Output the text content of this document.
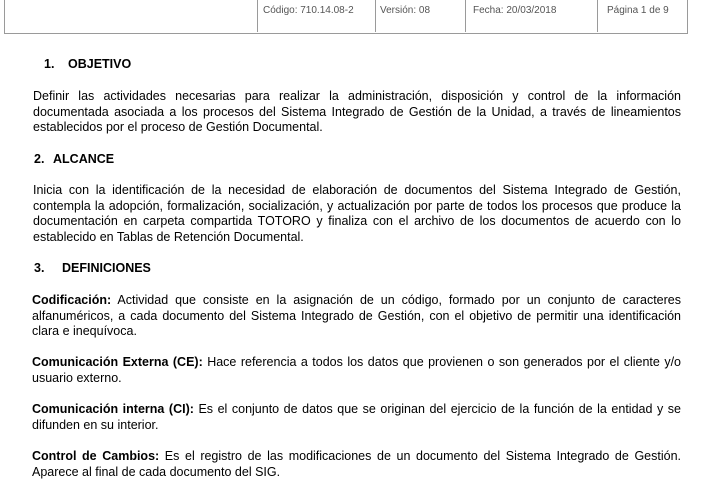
Código: 710.14.08-2	Versión: 08	Fecha: 20/03/2018	Página 1 de 9
1. OBJETIVO
Definir las actividades necesarias para realizar la administración, disposición y control de la información documentada asociada a los procesos del Sistema Integrado de Gestión de la Unidad, a través de lineamientos establecidos por el proceso de Gestión Documental.
2. ALCANCE
Inicia con la identificación de la necesidad de elaboración de documentos del Sistema Integrado de Gestión, contempla la adopción, formalización, socialización, y actualización por parte de todos los procesos que produce la documentación en carpeta compartida TOTORO y finaliza con el archivo de los documentos de acuerdo con lo establecido en Tablas de Retención Documental.
3. DEFINICIONES
Codificación: Actividad que consiste en la asignación de un código, formado por un conjunto de caracteres alfanuméricos, a cada documento del Sistema Integrado de Gestión, con el objetivo de permitir una identificación clara e inequívoca.
Comunicación Externa (CE): Hace referencia a todos los datos que provienen o son generados por el cliente y/o usuario externo.
Comunicación interna (CI): Es el conjunto de datos que se originan del ejercicio de la función de la entidad y se difunden en su interior.
Control de Cambios: Es el registro de las modificaciones de un documento del Sistema Integrado de Gestión. Aparece al final de cada documento del SIG.
